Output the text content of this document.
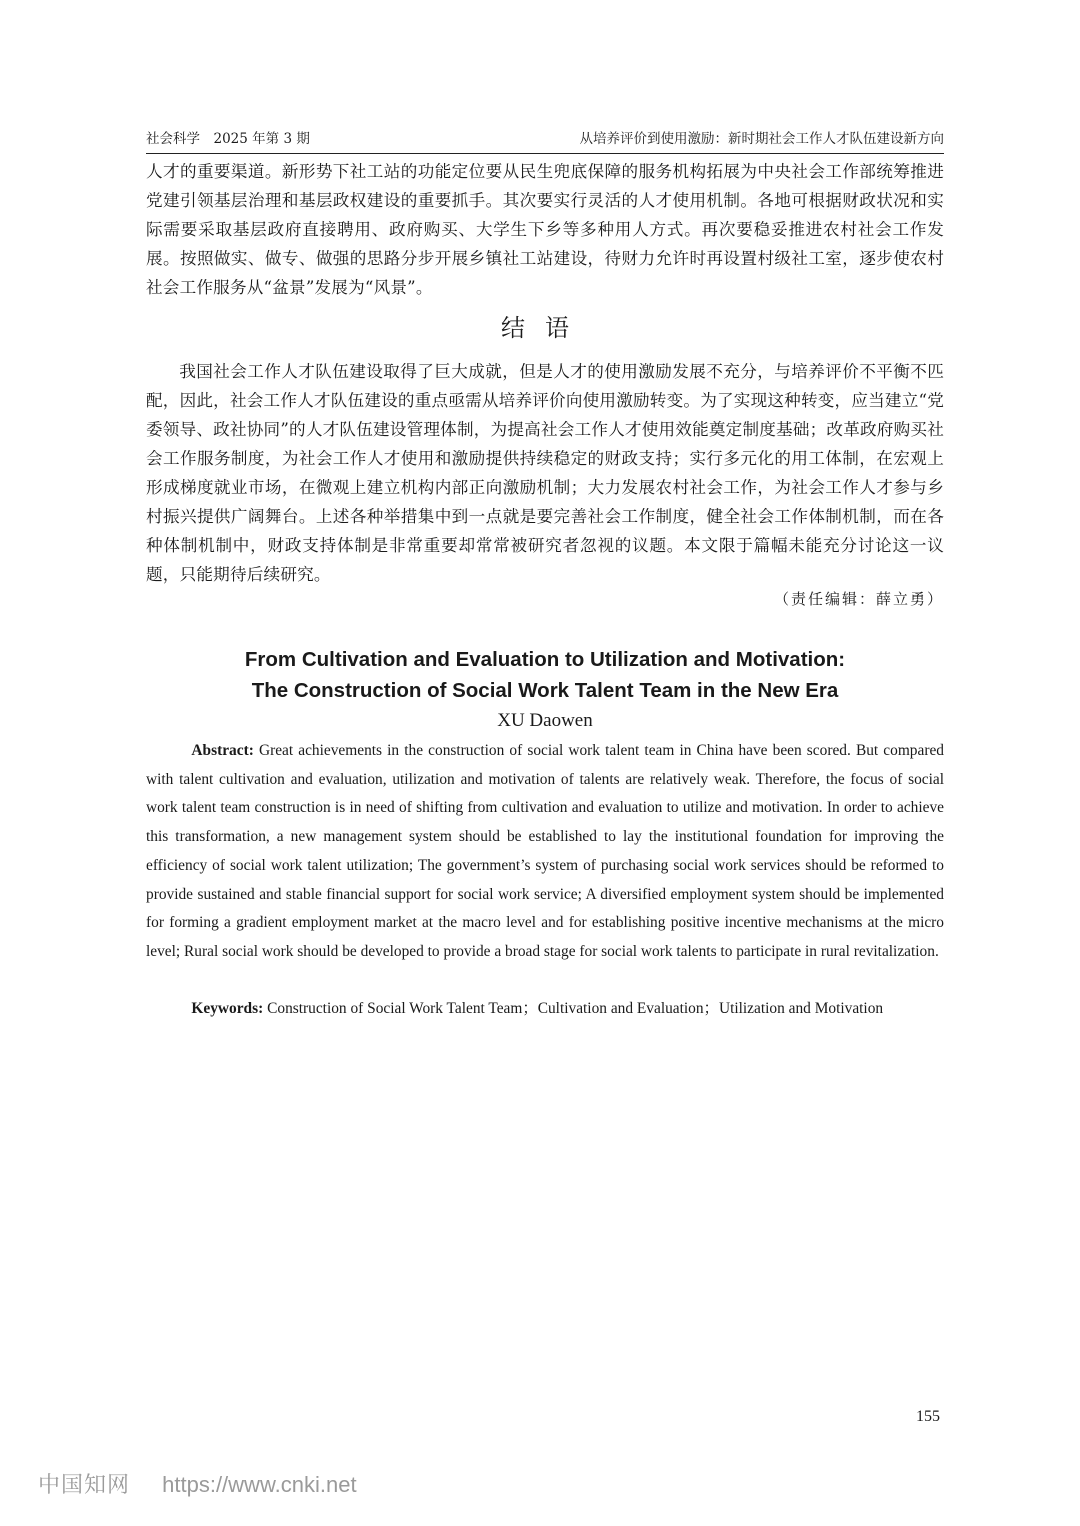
社会科学　2025 年第 3 期	从培养评价到使用激励：新时期社会工作人才队伍建设新方向

人才的重要渠道。新形势下社工站的功能定位要从民生兜底保障的服务机构拓展为中央社会工作部统筹推进党建引领基层治理和基层政权建设的重要抓手。其次要实行灵活的人才使用机制。各地可根据财政状况和实际需要采取基层政府直接聘用、政府购买、大学生下乡等多种用人方式。再次要稳妥推进农村社会工作发展。按照做实、做专、做强的思路分步开展乡镇社工站建设，待财力允许时再设置村级社工室，逐步使农村社会工作服务从“盆景”发展为“风景”。

结语

我国社会工作人才队伍建设取得了巨大成就，但是人才的使用激励发展不充分，与培养评价不平衡不匹配，因此，社会工作人才队伍建设的重点亟需从培养评价向使用激励转变。为了实现这种转变，应当建立“党委领导、政社协同”的人才队伍建设管理体制，为提高社会工作人才使用效能奠定制度基础；改革政府购买社会工作服务制度，为社会工作人才使用和激励提供持续稳定的财政支持；实行多元化的用工体制，在宏观上形成梯度就业市场，在微观上建立机构内部正向激励机制；大力发展农村社会工作，为社会工作人才参与乡村振兴提供广阔舞台。上述各种举措集中到一点就是要完善社会工作制度，健全社会工作体制机制，而在各种体制机制中，财政支持体制是非常重要却常常被研究者忽视的议题。本文限于篇幅未能充分讨论这一议题，只能期待后续研究。

（责任编辑：薛立勇）
From Cultivation and Evaluation to Utilization and Motivation:
The Construction of Social Work Talent Team in the New Era
XU Daowen

Abstract: Great achievements in the construction of social work talent team in China have been scored. But compared with talent cultivation and evaluation, utilization and motivation of talents are relatively weak. Therefore, the focus of social work talent team construction is in need of shifting from cultivation and evaluation to utilize and motivation. In order to achieve this transformation, a new management system should be established to lay the institutional foundation for improving the efficiency of social work talent utilization; The government’s system of purchasing social work services should be reformed to provide sustained and stable financial support for social work service; A diversified employment system should be implemented for forming a gradient employment market at the macro level and for establishing positive incentive mechanisms at the micro level; Rural social work should be developed to provide a broad stage for social work talents to participate in rural revitalization.

Keywords: Construction of Social Work Talent Team；Cultivation and Evaluation；Utilization and Motivation

155
中国知网 https://www.cnki.net
